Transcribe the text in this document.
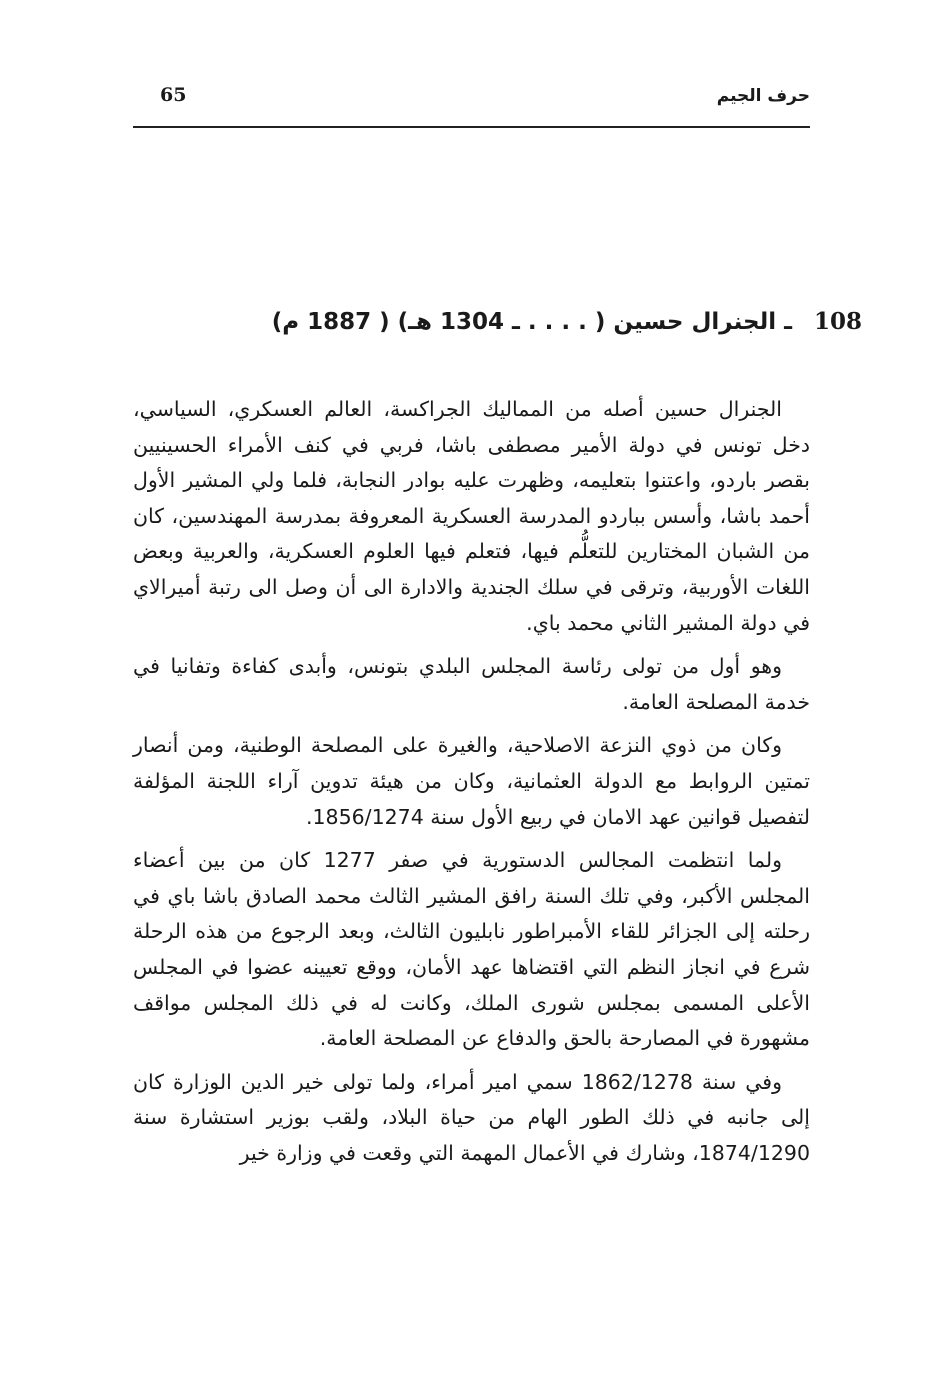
65	حرف الجيم
108 ـ الجنرال حسين ( . . . . ـ 1304 هـ) ( 1887 م)

الجنرال حسين أصله من المماليك الجراكسة، العالم العسكري، السياسي، دخل تونس في دولة الأمير مصطفى باشا، فربي في كنف الأمراء الحسينيين بقصر باردو، واعتنوا بتعليمه، وظهرت عليه بوادر النجابة، فلما ولي المشير الأول أحمد باشا، وأسس بباردو المدرسة العسكرية المعروفة بمدرسة المهندسين، كان من الشبان المختارين للتعلُّم فيها، فتعلم فيها العلوم العسكرية، والعربية وبعض اللغات الأوربية، وترقى في سلك الجندية والادارة الى أن وصل الى رتبة أميرالاي في دولة المشير الثاني محمد باي.

وهو أول من تولى رئاسة المجلس البلدي بتونس، وأبدى كفاءة وتفانيا في خدمة المصلحة العامة.

وكان من ذوي النزعة الاصلاحية، والغيرة على المصلحة الوطنية، ومن أنصار تمتين الروابط مع الدولة العثمانية، وكان من هيئة تدوين آراء اللجنة المؤلفة لتفصيل قوانين عهد الامان في ربيع الأول سنة 1856/1274.

ولما انتظمت المجالس الدستورية في صفر 1277 كان من بين أعضاء المجلس الأكبر، وفي تلك السنة رافق المشير الثالث محمد الصادق باشا باي في رحلته إلى الجزائر للقاء الأمبراطور نابليون الثالث، وبعد الرجوع من هذه الرحلة شرع في انجاز النظم التي اقتضاها عهد الأمان، ووقع تعيينه عضوا في المجلس الأعلى المسمى بمجلس شورى الملك، وكانت له في ذلك المجلس مواقف مشهورة في المصارحة بالحق والدفاع عن المصلحة العامة.

وفي سنة 1862/1278 سمي امير أمراء، ولما تولى خير الدين الوزارة كان إلى جانبه في ذلك الطور الهام من حياة البلاد، ولقب بوزير استشارة سنة 1874/1290، وشارك في الأعمال المهمة التي وقعت في وزارة خير
